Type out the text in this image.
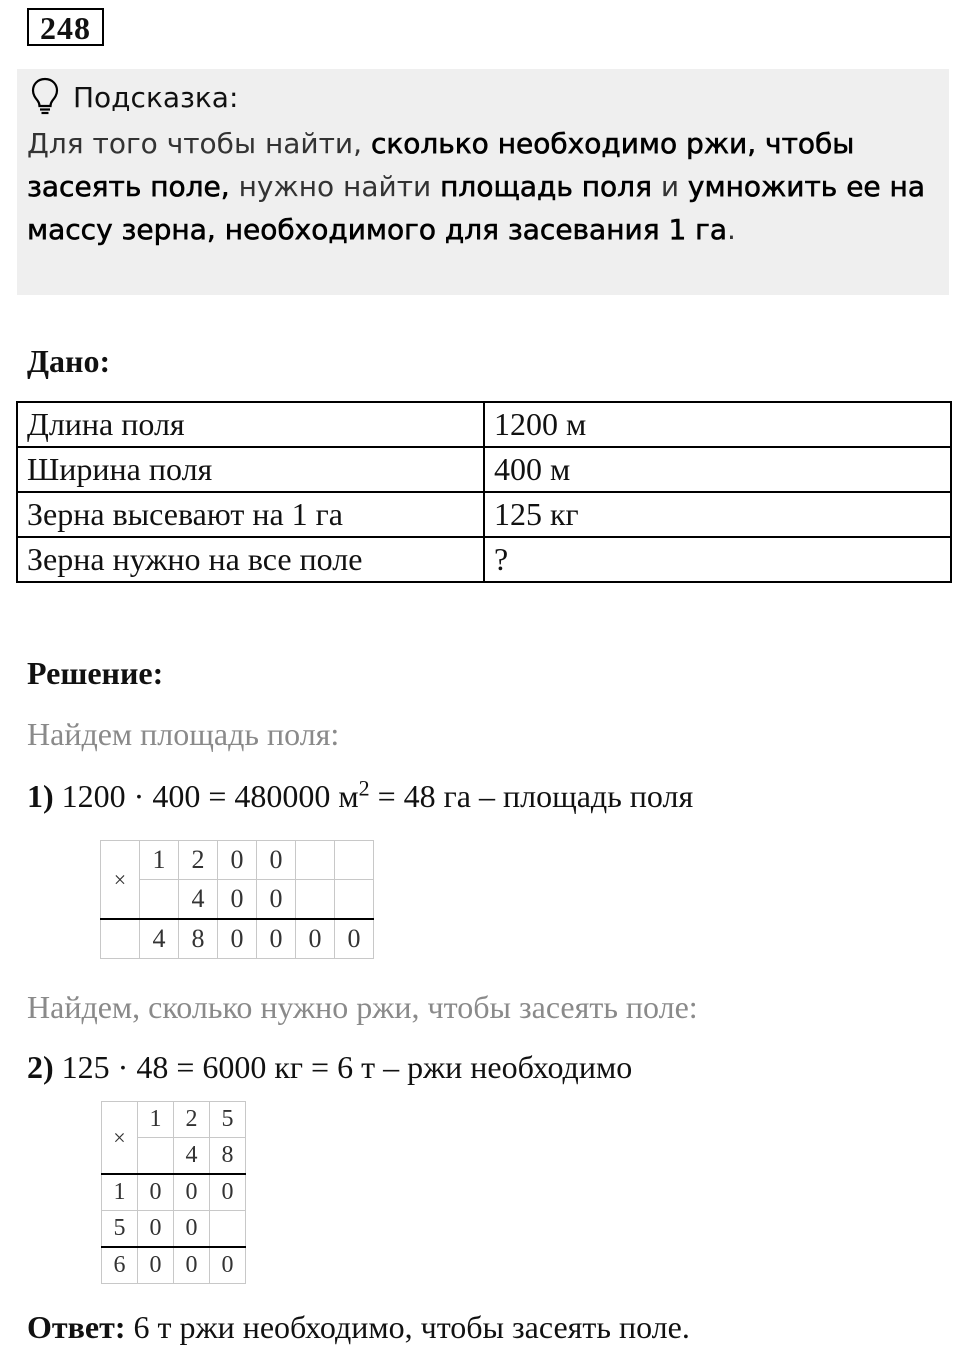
248
Подсказка:
Для того чтобы найти, сколько необходимо ржи, чтобы
засеять поле, нужно найти площадь поля и умножить ее на
массу зерна, необходимого для засевания 1 га.
Дано:
Длина поля	1200 м
Ширина поля	400 м
Зерна высевают на 1 га	125 кг
Зерна нужно на все поле	?
Решение:
Найдем площадь поля:
1) 1200 · 400 = 480000 $м^2 = 48$ га – площадь поля
×	1	2	0	0		
		4	0	0		
	4	8	0	0	0	0
Найдем, сколько нужно ржи, чтобы засеять поле:
2) 125 · 48 = 6000 кг = 6 т – ржи необходимо
×	1	2	5
		4	8
1	0	0	0
5	0	0	
6	0	0	0
Ответ: 6 т ржи необходимо, чтобы засеять поле.
